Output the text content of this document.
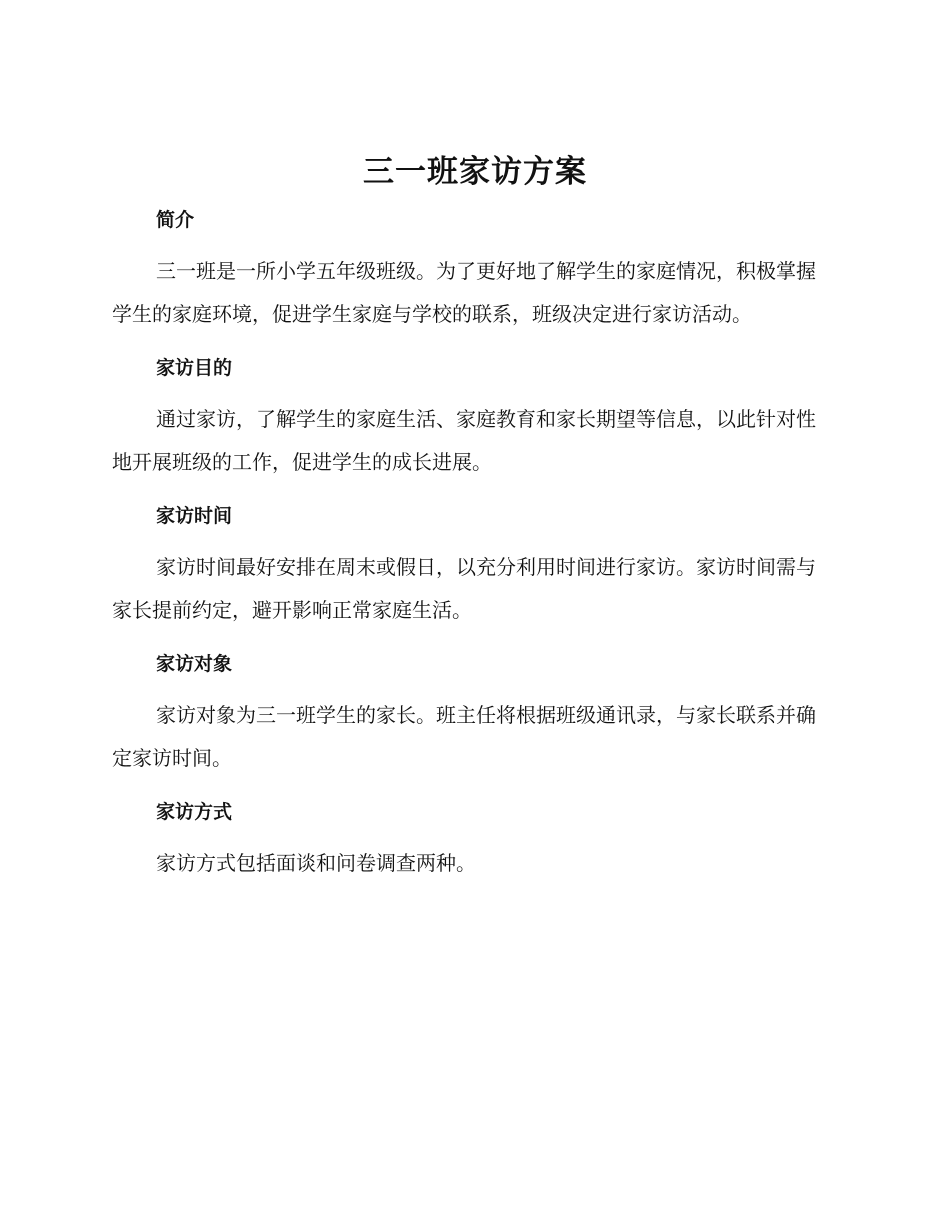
三一班家访方案
简介

三一班是一所小学五年级班级。为了更好地了解学生的家庭情况，积极掌握学生的家庭环境，促进学生家庭与学校的联系，班级决定进行家访活动。

家访目的

通过家访，了解学生的家庭生活、家庭教育和家长期望等信息，以此针对性地开展班级的工作，促进学生的成长进展。

家访时间

家访时间最好安排在周末或假日，以充分利用时间进行家访。家访时间需与家长提前约定，避开影响正常家庭生活。

家访对象

家访对象为三一班学生的家长。班主任将根据班级通讯录，与家长联系并确定家访时间。

家访方式

家访方式包括面谈和问卷调查两种。
